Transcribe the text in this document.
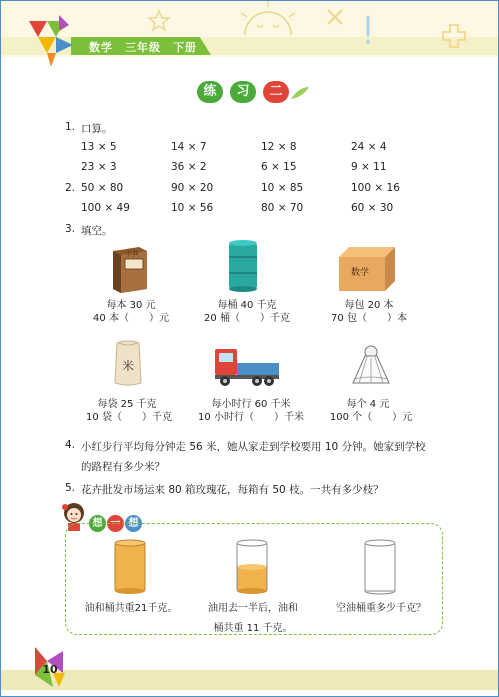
数学　三年级　下册
练	习	二
1. 口算。
13 × 5	14 × 7	12 × 8	24 × 4
23 × 3	36 × 2	6 × 15	9 × 11
2. 50 × 80	90 × 20	10 × 85	100 × 16
100 × 49	10 × 56	80 × 70	60 × 30
3. 填空。
字典
数学
每本 30 元
40 本（　　）元
每桶 40 千克
20 桶（　　）千克
每包 20 本
70 包（　　）本
米
每袋 25 千克
10 袋（　　）千克
每小时行 60 千米
10 小时行（　　）千米
每个 4 元
100 个（　　）元
4. 小红步行平均每分钟走 56 米，她从家走到学校要用 10 分钟。她家到学校
的路程有多少米？
5. 花卉批发市场运来 80 箱玫瑰花，每箱有 50 枝。一共有多少枝？
想 一 想
油和桶共重21千克。	油用去一半后，油和
桶共重 11 千克。
空油桶重多少千克？
10
